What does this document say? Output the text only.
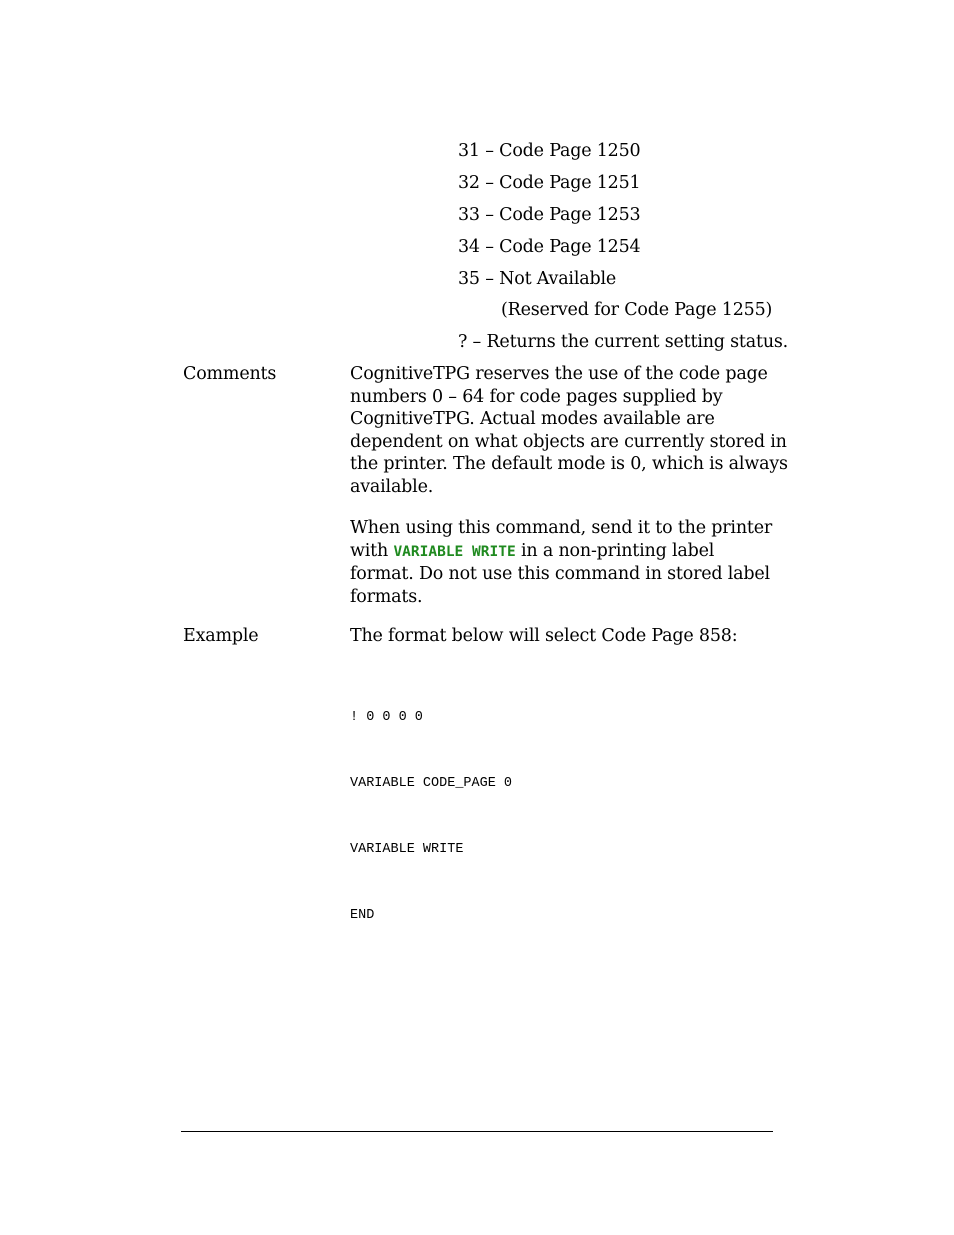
31 – Code Page 1250
32 – Code Page 1251
33 – Code Page 1253
34 – Code Page 1254
35 – Not Available
(Reserved for Code Page 1255)
? – Returns the current setting status.
Comments	CognitiveTPG reserves the use of the code page
numbers 0 – 64 for code pages supplied by
CognitiveTPG. Actual modes available are
dependent on what objects are currently stored in
the printer. The default mode is 0, which is always
available.
When using this command, send it to the printer
with VARIABLE WRITE in a non-printing label
format. Do not use this command in stored label
formats.
Example	The format below will select Code Page 858:

! 0 0 0 0

VARIABLE CODE_PAGE 0

VARIABLE WRITE

END
